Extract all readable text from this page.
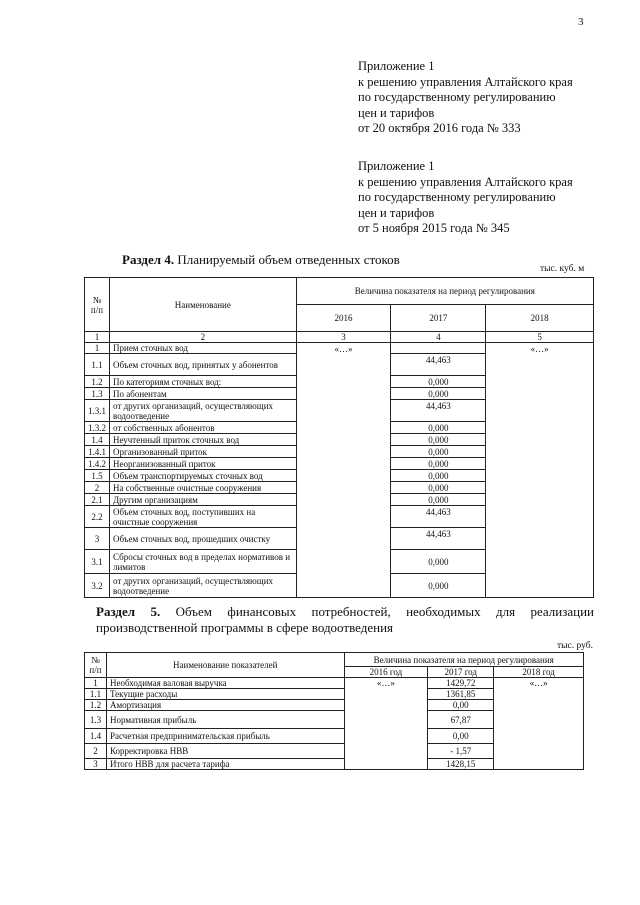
3
Приложение 1
к решению управления Алтайского края
по государственному регулированию
цен и тарифов
от 20 октября 2016 года № 333
Приложение 1
к решению управления Алтайского края
по государственному регулированию
цен и тарифов
от 5 ноября 2015 года № 345
Раздел 4. Планируемый объем отведенных стоков
тыс. куб. м
№ п/п	Наименование	Величина показателя на период регулирования		
		2016	2017	2018
1	2	3	4	5
1	Прием сточных вод	«…»		«…»
1.1	Объем сточных вод, принятых у абонентов		44,463	
1.2	По категориям сточных вод:		0,000	
1.3	По абонентам		0,000	
1.3.1	от других организаций, осуществляющих водоотведение		44,463	
1.3.2	от собственных абонентов		0,000	
1.4	Неучтенный приток сточных вод		0,000	
1.4.1	Организованный приток		0,000	
1.4.2	Неорганизованный приток		0,000	
1.5	Объем транспортируемых сточных вод		0,000	
2	На собственные очистные сооружения		0,000	
2.1	Другим организациям		0,000	
2.2	Объем сточных вод, поступивших на очистные сооружения		44,463	
3	Объем сточных вод, прошедших очистку		44,463	
3.1	Сбросы сточных вод в пределах нормативов и лимитов		0,000	
3.2	от других организаций, осуществляющих водоотведение		0,000	
Раздел 5. Объем финансовых потребностей, необходимых для реализации производственной программы в сфере водоотведения
тыс. руб.
№ п/п	Наименование показателей	Величина показателя на период регулирования		
		2016 год	2017 год	2018 год
1	Необходимая валовая выручка	«…»	1429,72	«…»
1.1	Текущие расходы		1361,85	
1.2	Амортизация		0,00	
1.3	Нормативная прибыль		67,87	
1.4	Расчетная предпринимательская прибыль		0,00	
2	Корректировка НВВ		- 1,57	
3	Итого НВВ для расчета тарифа		1428,15	
